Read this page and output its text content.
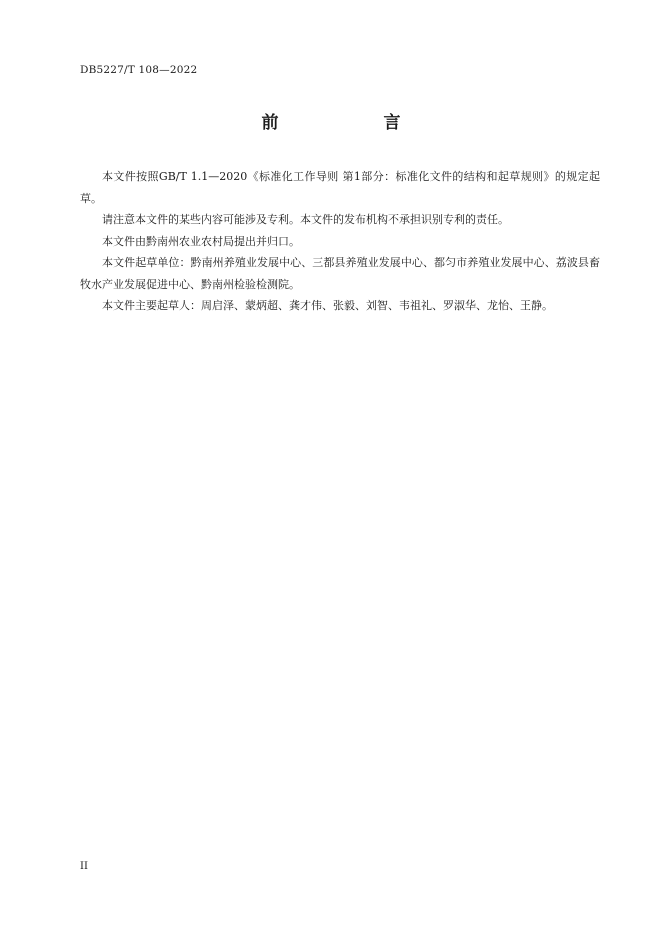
DB5227/T 108—2022
前　言

本文件按照GB/T 1.1—2020《标准化工作导则 第1部分：标准化文件的结构和起草规则》的规定起草。

请注意本文件的某些内容可能涉及专利。本文件的发布机构不承担识别专利的责任。

本文件由黔南州农业农村局提出并归口。

本文件起草单位：黔南州养殖业发展中心、三都县养殖业发展中心、都匀市养殖业发展中心、荔波县畜牧水产业发展促进中心、黔南州检验检测院。

本文件主要起草人：周启泽、蒙炳超、龚才伟、张毅、刘智、韦祖礼、罗淑华、龙怡、王静。

II
